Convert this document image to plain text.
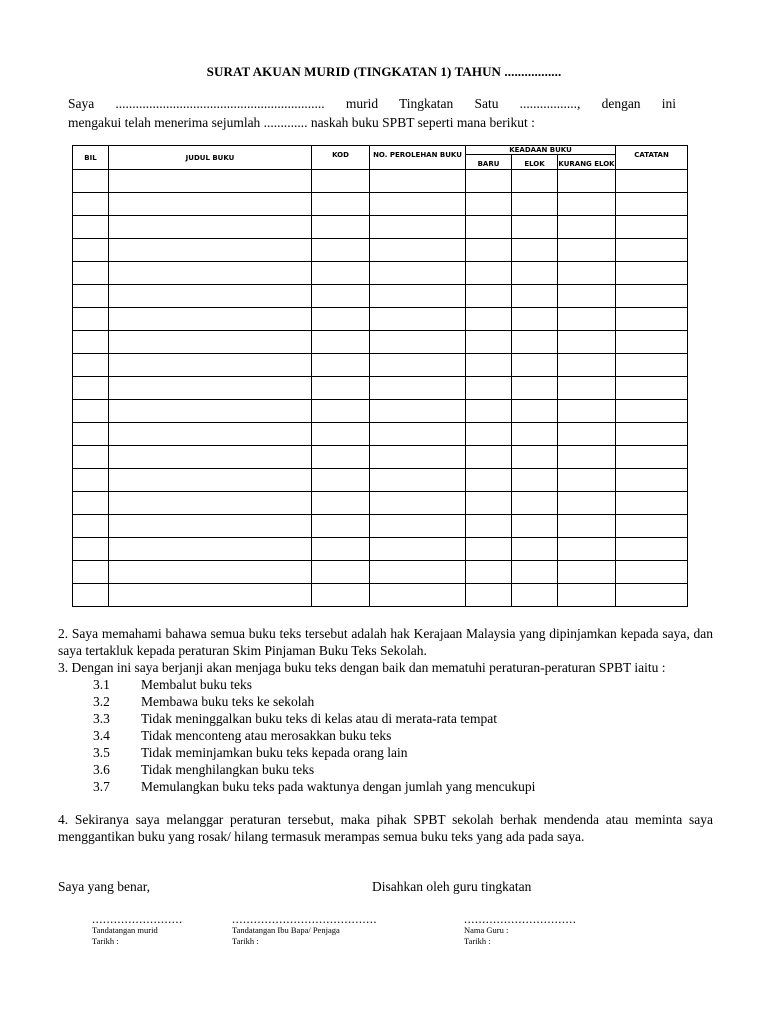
SURAT AKUAN MURID (TINGKATAN 1) TAHUN .................
Saya .............................................................. murid Tingkatan Satu ................., dengan ini
mengakui telah menerima sejumlah ............. naskah buku SPBT seperti mana berikut :
BIL	JUDUL BUKU	KOD	NO. PEROLEHAN BUKU	KEADAAN BUKU			CATATAN
				BARU	ELOK	KURANG ELOK	

2. Saya memahami bahawa semua buku teks tersebut adalah hak Kerajaan Malaysia yang dipinjamkan kepada saya, dan saya tertakluk kepada peraturan Skim Pinjaman Buku Teks Sekolah.

3. Dengan ini saya berjanji akan menjaga buku teks dengan baik dan mematuhi peraturan-peraturan SPBT iaitu :

3.1	Membalut buku teks
3.2	Membawa buku teks ke sekolah
3.3	Tidak meninggalkan buku teks di kelas atau di merata-rata tempat
3.4	Tidak menconteng atau merosakkan buku teks
3.5	Tidak meminjamkan buku teks kepada orang lain
3.6	Tidak menghilangkan buku teks
3.7	Memulangkan buku teks pada waktunya dengan jumlah yang mencukupi

4. Sekiranya saya melanggar peraturan tersebut, maka pihak SPBT sekolah berhak mendenda atau meminta saya menggantikan buku yang rosak/ hilang termasuk merampas semua buku teks yang ada pada saya.

Saya yang benar,	Disahkan oleh guru tingkatan
.........................
Tandatangan murid
Tarikh :
........................................
Tandatangan Ibu Bapa/ Penjaga
Tarikh :
...............................
Nama Guru :
Tarikh :
